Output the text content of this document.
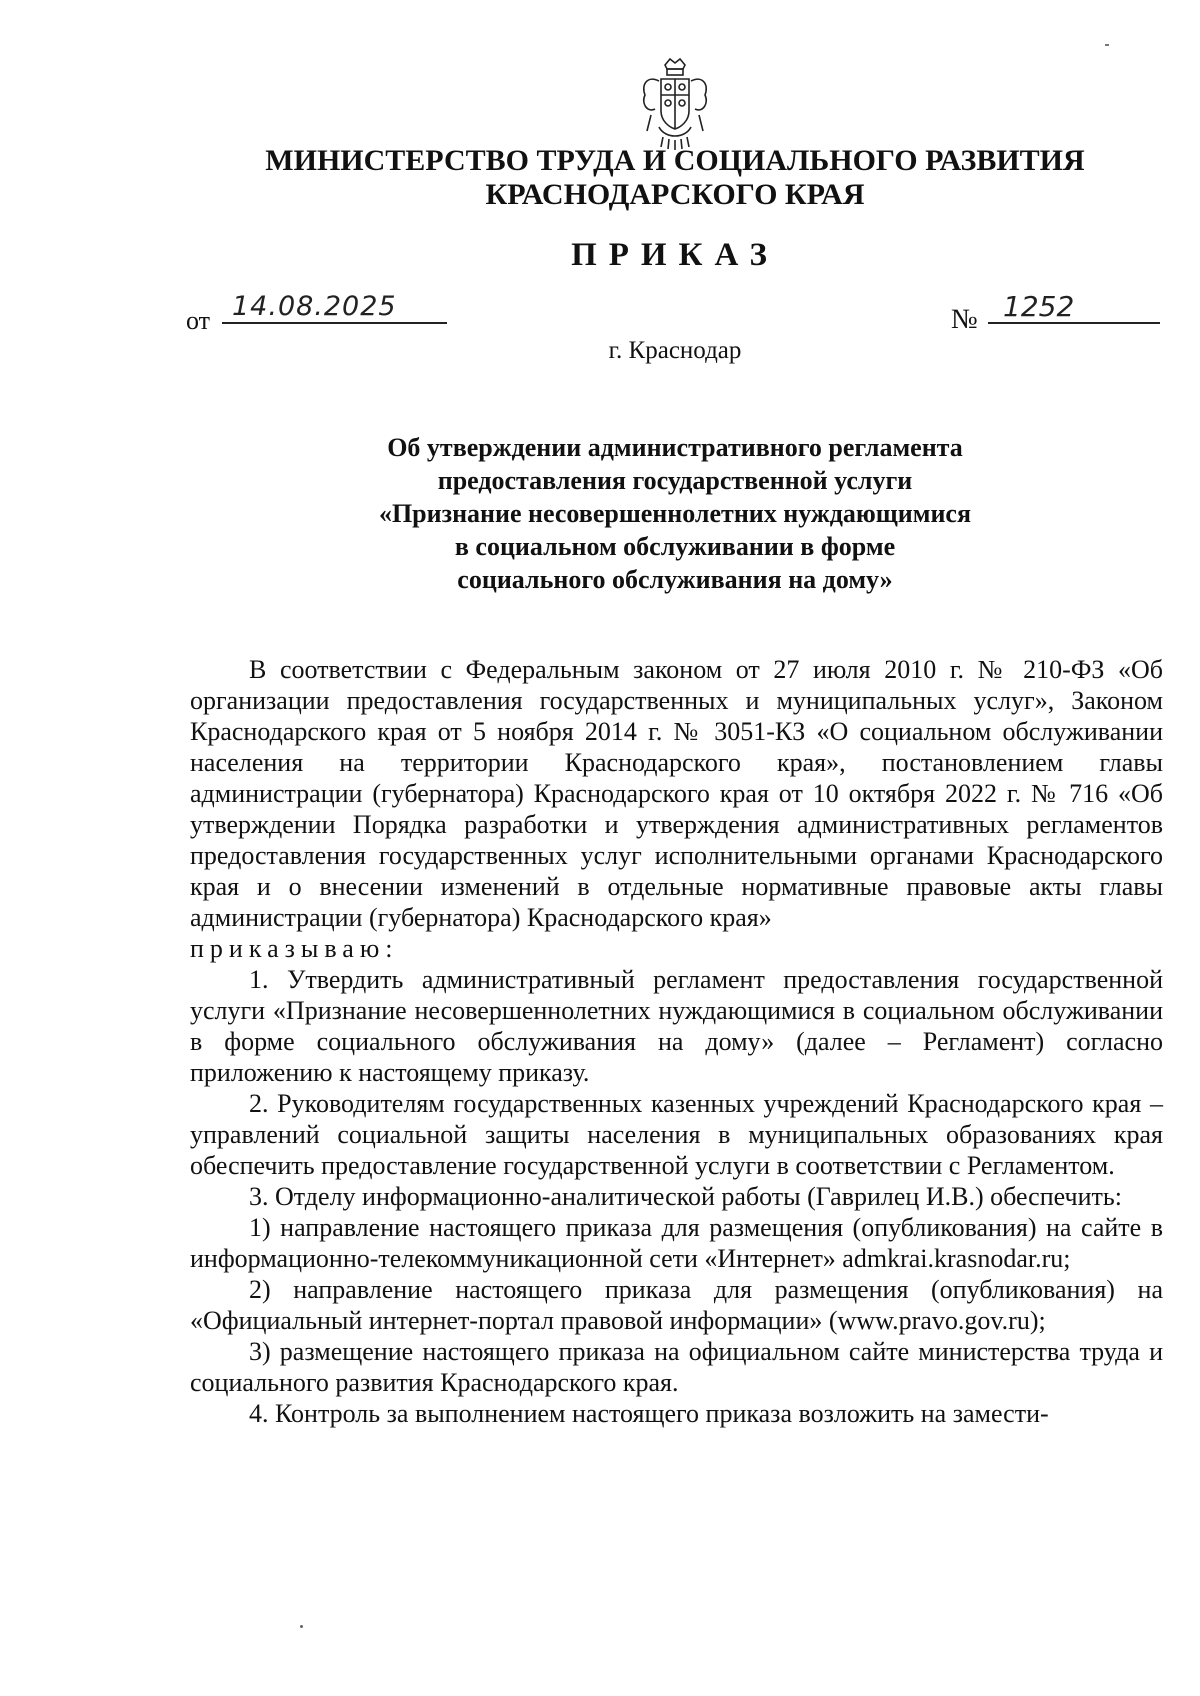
МИНИСТЕРСТВО ТРУДА И СОЦИАЛЬНОГО РАЗВИТИЯ
КРАСНОДАРСКОГО КРАЯ
ПРИКАЗ
от 14.08.2025	№ 1252
г. Краснодар
Об утверждении административного регламента
предоставления государственной услуги
«Признание несовершеннолетних нуждающимися
в социальном обслуживании в форме
социального обслуживания на дому»

В соответствии с Федеральным законом от 27 июля 2010 г. № 210-ФЗ «Об организации предоставления государственных и муниципальных услуг», Законом Краснодарского края от 5 ноября 2014 г. № 3051-КЗ «О социальном обслуживании населения на территории Краснодарского края», постановлением главы администрации (губернатора) Краснодарского края от 10 октября 2022 г. № 716 «Об утверждении Порядка разработки и утверждения административных регламентов предоставления государственных услуг исполнительными органами Краснодарского края и о внесении изменений в отдельные нормативные правовые акты главы администрации (губернатора) Краснодарского края»

приказываю:

1. Утвердить административный регламент предоставления государственной услуги «Признание несовершеннолетних нуждающимися в социальном обслуживании в форме социального обслуживания на дому» (далее – Регламент) согласно приложению к настоящему приказу.

2. Руководителям государственных казенных учреждений Краснодарского края – управлений социальной защиты населения в муниципальных образованиях края обеспечить предоставление государственной услуги в соответствии с Регламентом.

3. Отделу информационно-аналитической работы (Гаврилец И.В.) обеспечить:

1) направление настоящего приказа для размещения (опубликования) на сайте в информационно-телекоммуникационной сети «Интернет» admkrai.krasnodar.ru;

2) направление настоящего приказа для размещения (опубликования) на «Официальный интернет-портал правовой информации» (www.pravo.gov.ru);

3) размещение настоящего приказа на официальном сайте министерства труда и социального развития Краснодарского края.

4. Контроль за выполнением настоящего приказа возложить на замести-
